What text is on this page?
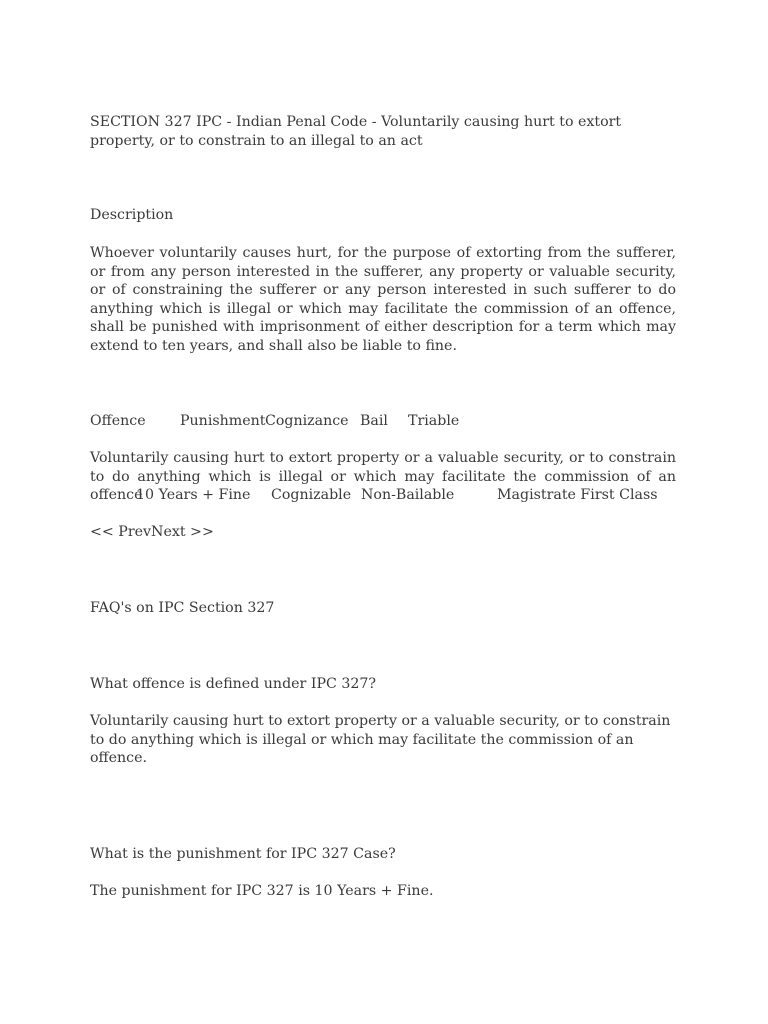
SECTION 327 IPC - Indian Penal Code - Voluntarily causing hurt to extort property, or to constrain to an illegal to an act

Description

Whoever voluntarily causes hurt, for the purpose of extorting from the sufferer, or from any person interested in the sufferer, any property or valuable security, or of constraining the sufferer or any person interested in such sufferer to do anything which is illegal or which may facilitate the commission of an offence, shall be punished with imprisonment of either description for a term which may extend to ten years, and shall also be liable to fine.

Offence Punishment Cognizance Bail Triable

Voluntarily causing hurt to extort property or a valuable security, or to constrain to do anything which is illegal or which may facilitate the commission of an offence

10 Years + Fine Cognizable Non-Bailable	Magistrate First Class
<< PrevNext >>

FAQ's on IPC Section 327

What offence is defined under IPC 327?

Voluntarily causing hurt to extort property or a valuable security, or to constrain to do anything which is illegal or which may facilitate the commission of an offence.

What is the punishment for IPC 327 Case?

The punishment for IPC 327 is 10 Years + Fine.
